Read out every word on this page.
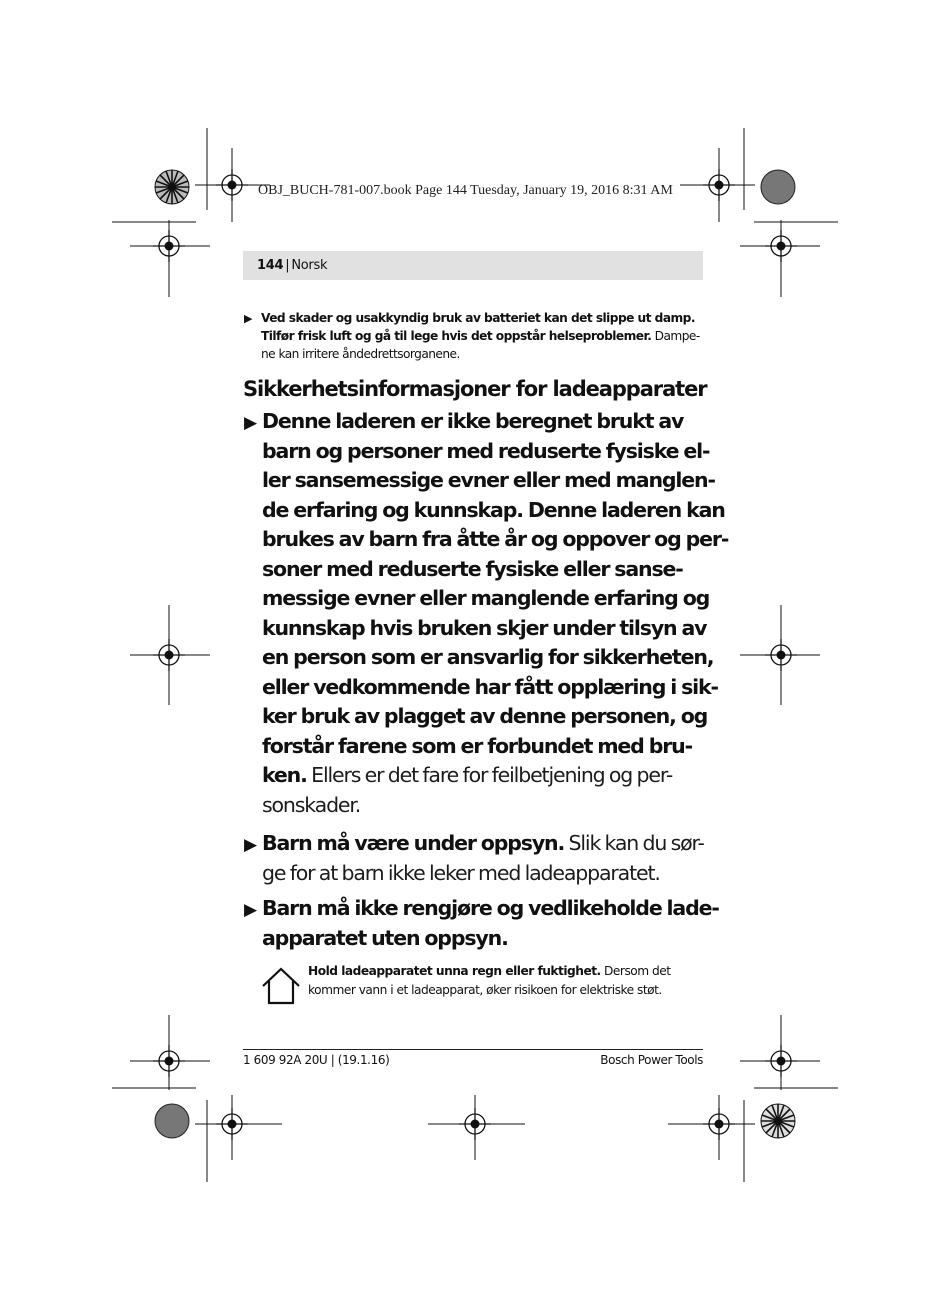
OBJ_BUCH-781-007.book Page 144 Tuesday, January 19, 2016 8:31 AM
144 | Norsk
▶ Ved skader og usakkyndig bruk av batteriet kan det slippe ut damp.
Tilfør frisk luft og gå til lege hvis det oppstår helseproblemer. Dampe-
ne kan irritere åndedrettsorganene.
Sikkerhetsinformasjoner for ladeapparater
▶ Denne laderen er ikke beregnet brukt av
barn og personer med reduserte fysiske el-
ler sansemessige evner eller med manglen-
de erfaring og kunnskap. Denne laderen kan
brukes av barn fra åtte år og oppover og per-
soner med reduserte fysiske eller sanse-
messige evner eller manglende erfaring og
kunnskap hvis bruken skjer under tilsyn av
en person som er ansvarlig for sikkerheten,
eller vedkommende har fått opplæring i sik-
ker bruk av plagget av denne personen, og
forstår farene som er forbundet med bru-
ken. Ellers er det fare for feilbetjening og per-
sonskader.
▶ Barn må være under oppsyn. Slik kan du sør-
ge for at barn ikke leker med ladeapparatet.
▶ Barn må ikke rengjøre og vedlikeholde lade-
apparatet uten oppsyn.
Hold ladeapparatet unna regn eller fuktighet. Dersom det
kommer vann i et ladeapparat, øker risikoen for elektriske støt.
1 609 92A 20U | (19.1.16)	Bosch Power Tools
